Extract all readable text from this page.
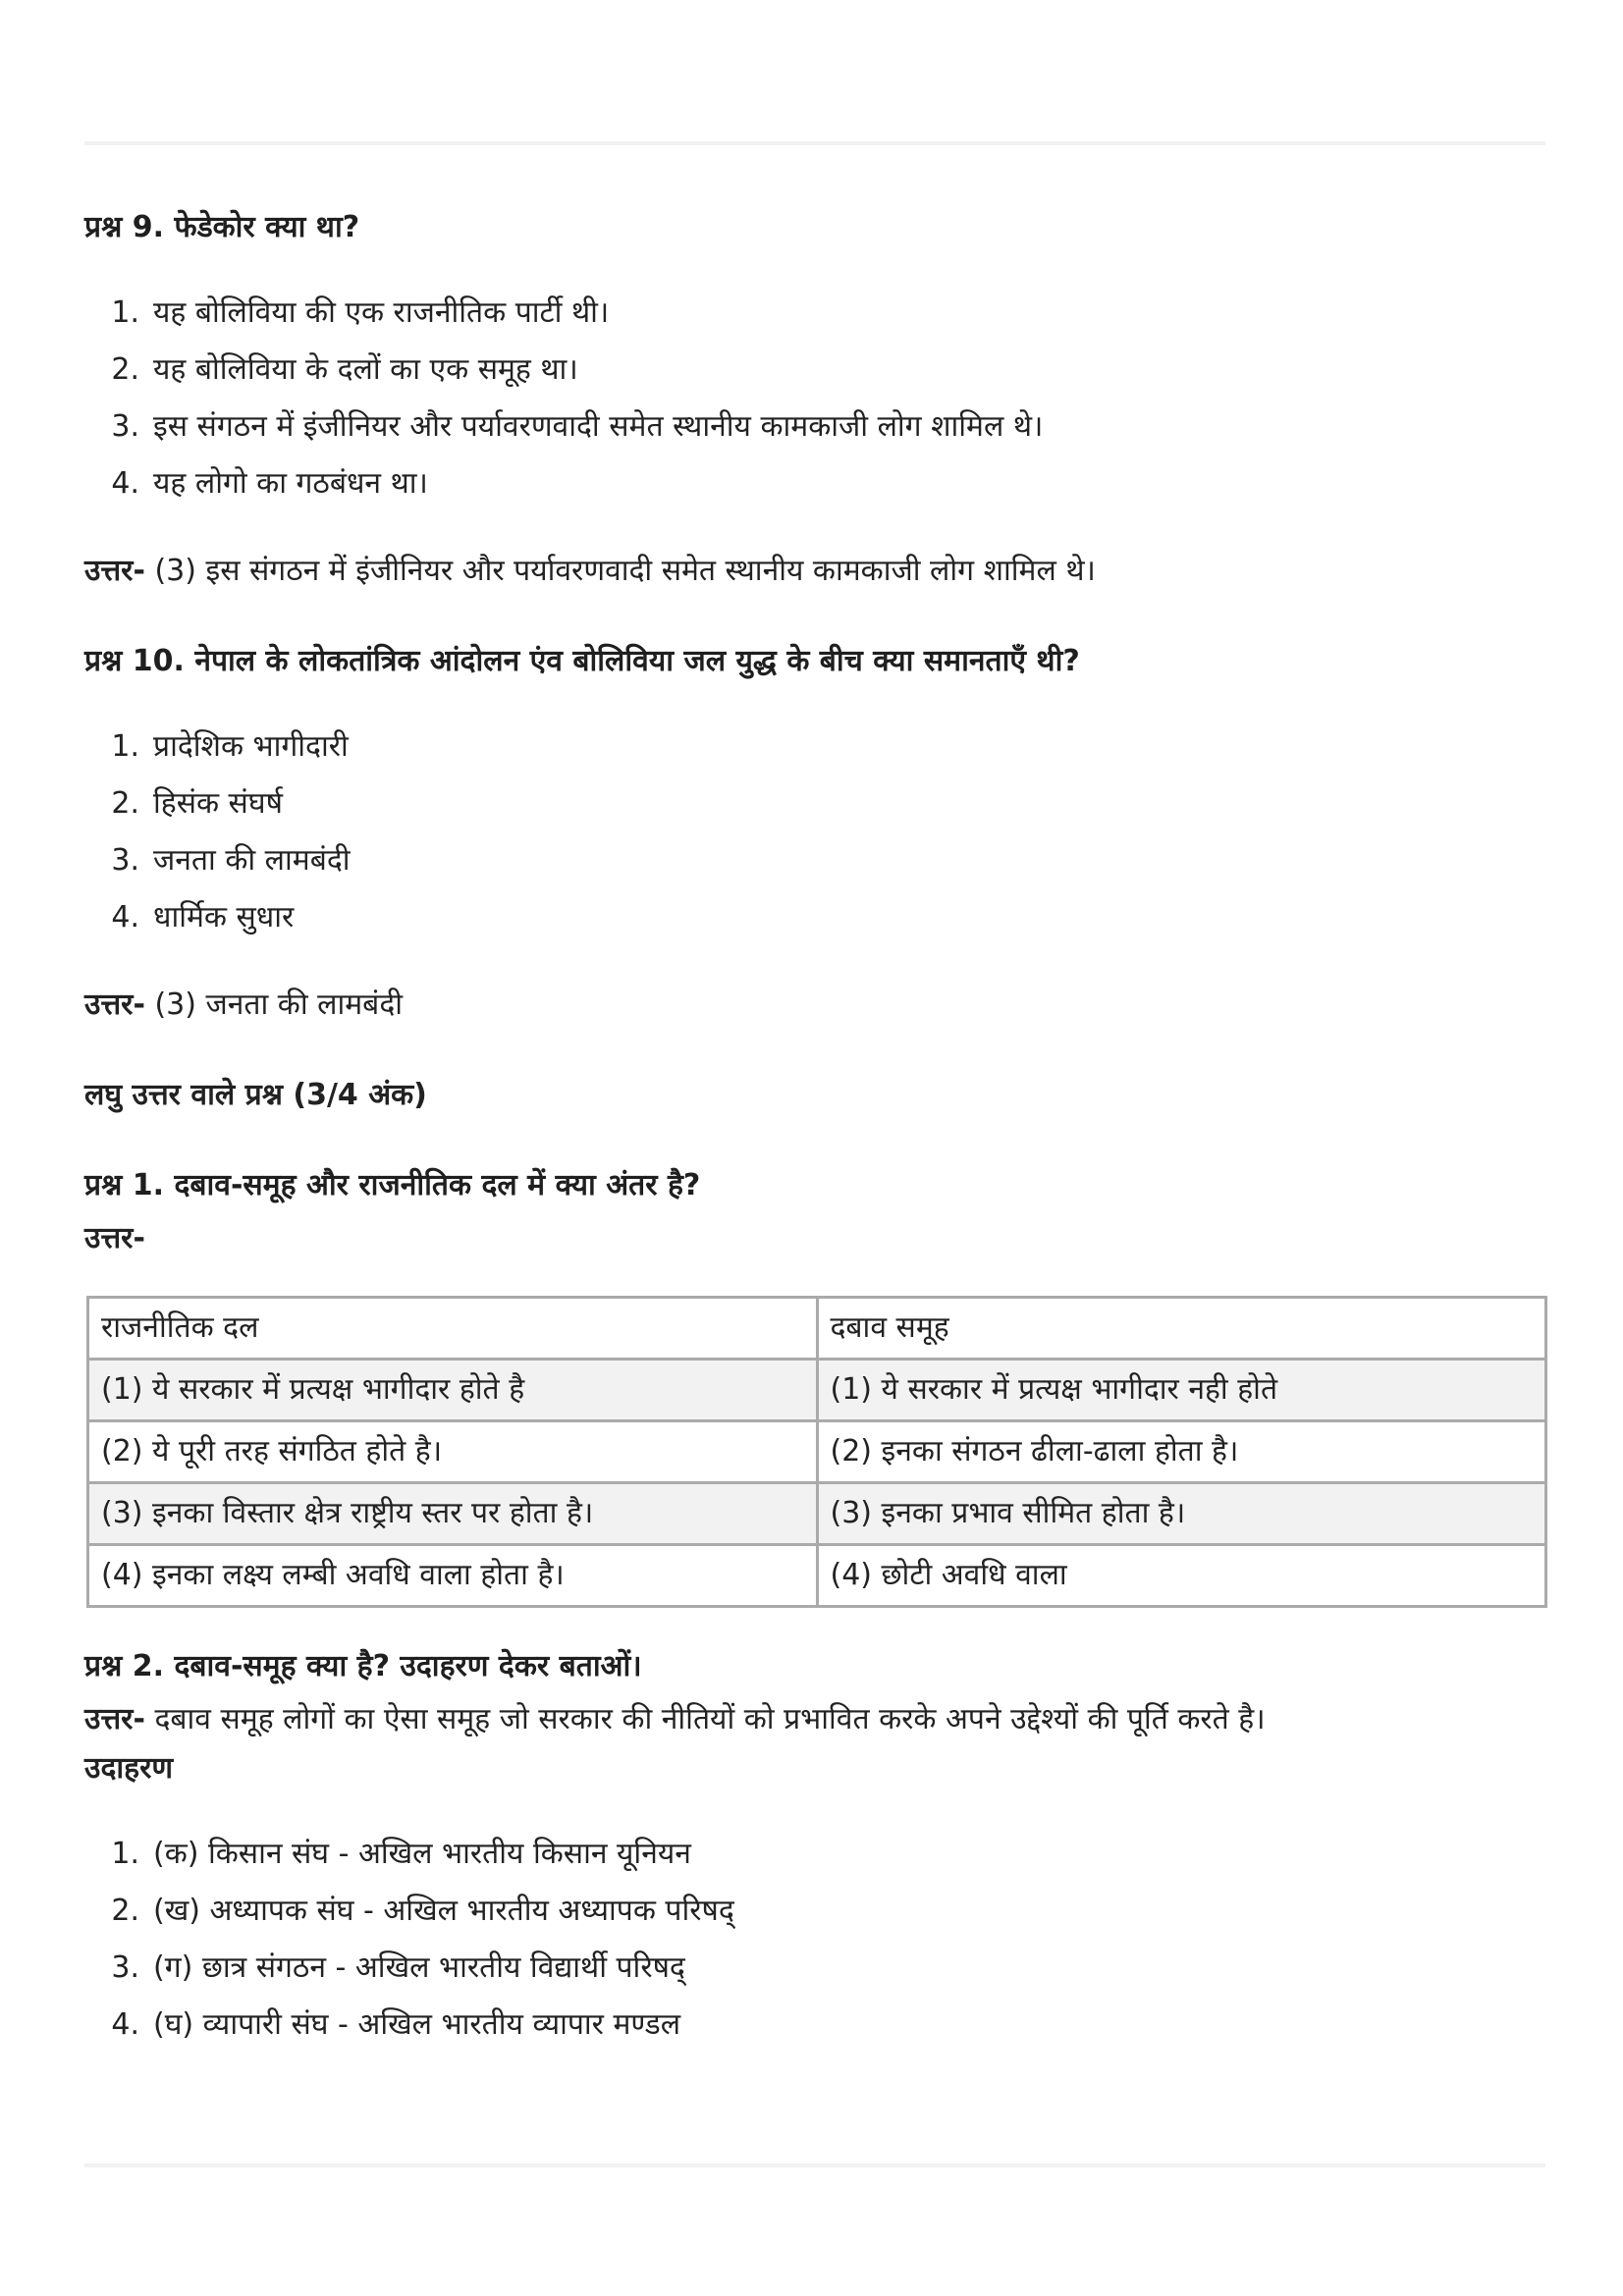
प्रश्न 9. फेडेकोर क्या था?
1. यह बोलिविया की एक राजनीतिक पार्टी थी।
2. यह बोलिविया के दलों का एक समूह था।
3. इस संगठन में इंजीनियर और पर्यावरणवादी समेत स्थानीय कामकाजी लोग शामिल थे।
4. यह लोगो का गठबंधन था।
उत्तर- (3) इस संगठन में इंजीनियर और पर्यावरणवादी समेत स्थानीय कामकाजी लोग शामिल थे।
प्रश्न 10. नेपाल के लोकतांत्रिक आंदोलन एंव बोलिविया जल युद्ध के बीच क्या समानताएँ थी?
1. प्रादेशिक भागीदारी
2. हिसंक संघर्ष
3. जनता की लामबंदी
4. धार्मिक सुधार
उत्तर- (3) जनता की लामबंदी
लघु उत्तर वाले प्रश्न (3/4 अंक)
प्रश्न 1. दबाव-समूह और राजनीतिक दल में क्या अंतर है?
उत्तर-
राजनीतिक दल	दबाव समूह
(1) ये सरकार में प्रत्यक्ष भागीदार होते है	(1) ये सरकार में प्रत्यक्ष भागीदार नही होते
(2) ये पूरी तरह संगठित होते है।	(2) इनका संगठन ढीला-ढाला होता है।
(3) इनका विस्तार क्षेत्र राष्ट्रीय स्तर पर होता है।	(3) इनका प्रभाव सीमित होता है।
(4) इनका लक्ष्य लम्बी अवधि वाला होता है।	(4) छोटी अवधि वाला
प्रश्न 2. दबाव-समूह क्या है? उदाहरण देकर बताओं।
उत्तर- दबाव समूह लोगों का ऐसा समूह जो सरकार की नीतियों को प्रभावित करके अपने उद्देश्यों की पूर्ति करते है।
उदाहरण
1. (क) किसान संघ - अखिल भारतीय किसान यूनियन
2. (ख) अध्यापक संघ - अखिल भारतीय अध्यापक परिषद्
3. (ग) छात्र संगठन - अखिल भारतीय विद्यार्थी परिषद्
4. (घ) व्यापारी संघ - अखिल भारतीय व्यापार मण्डल
